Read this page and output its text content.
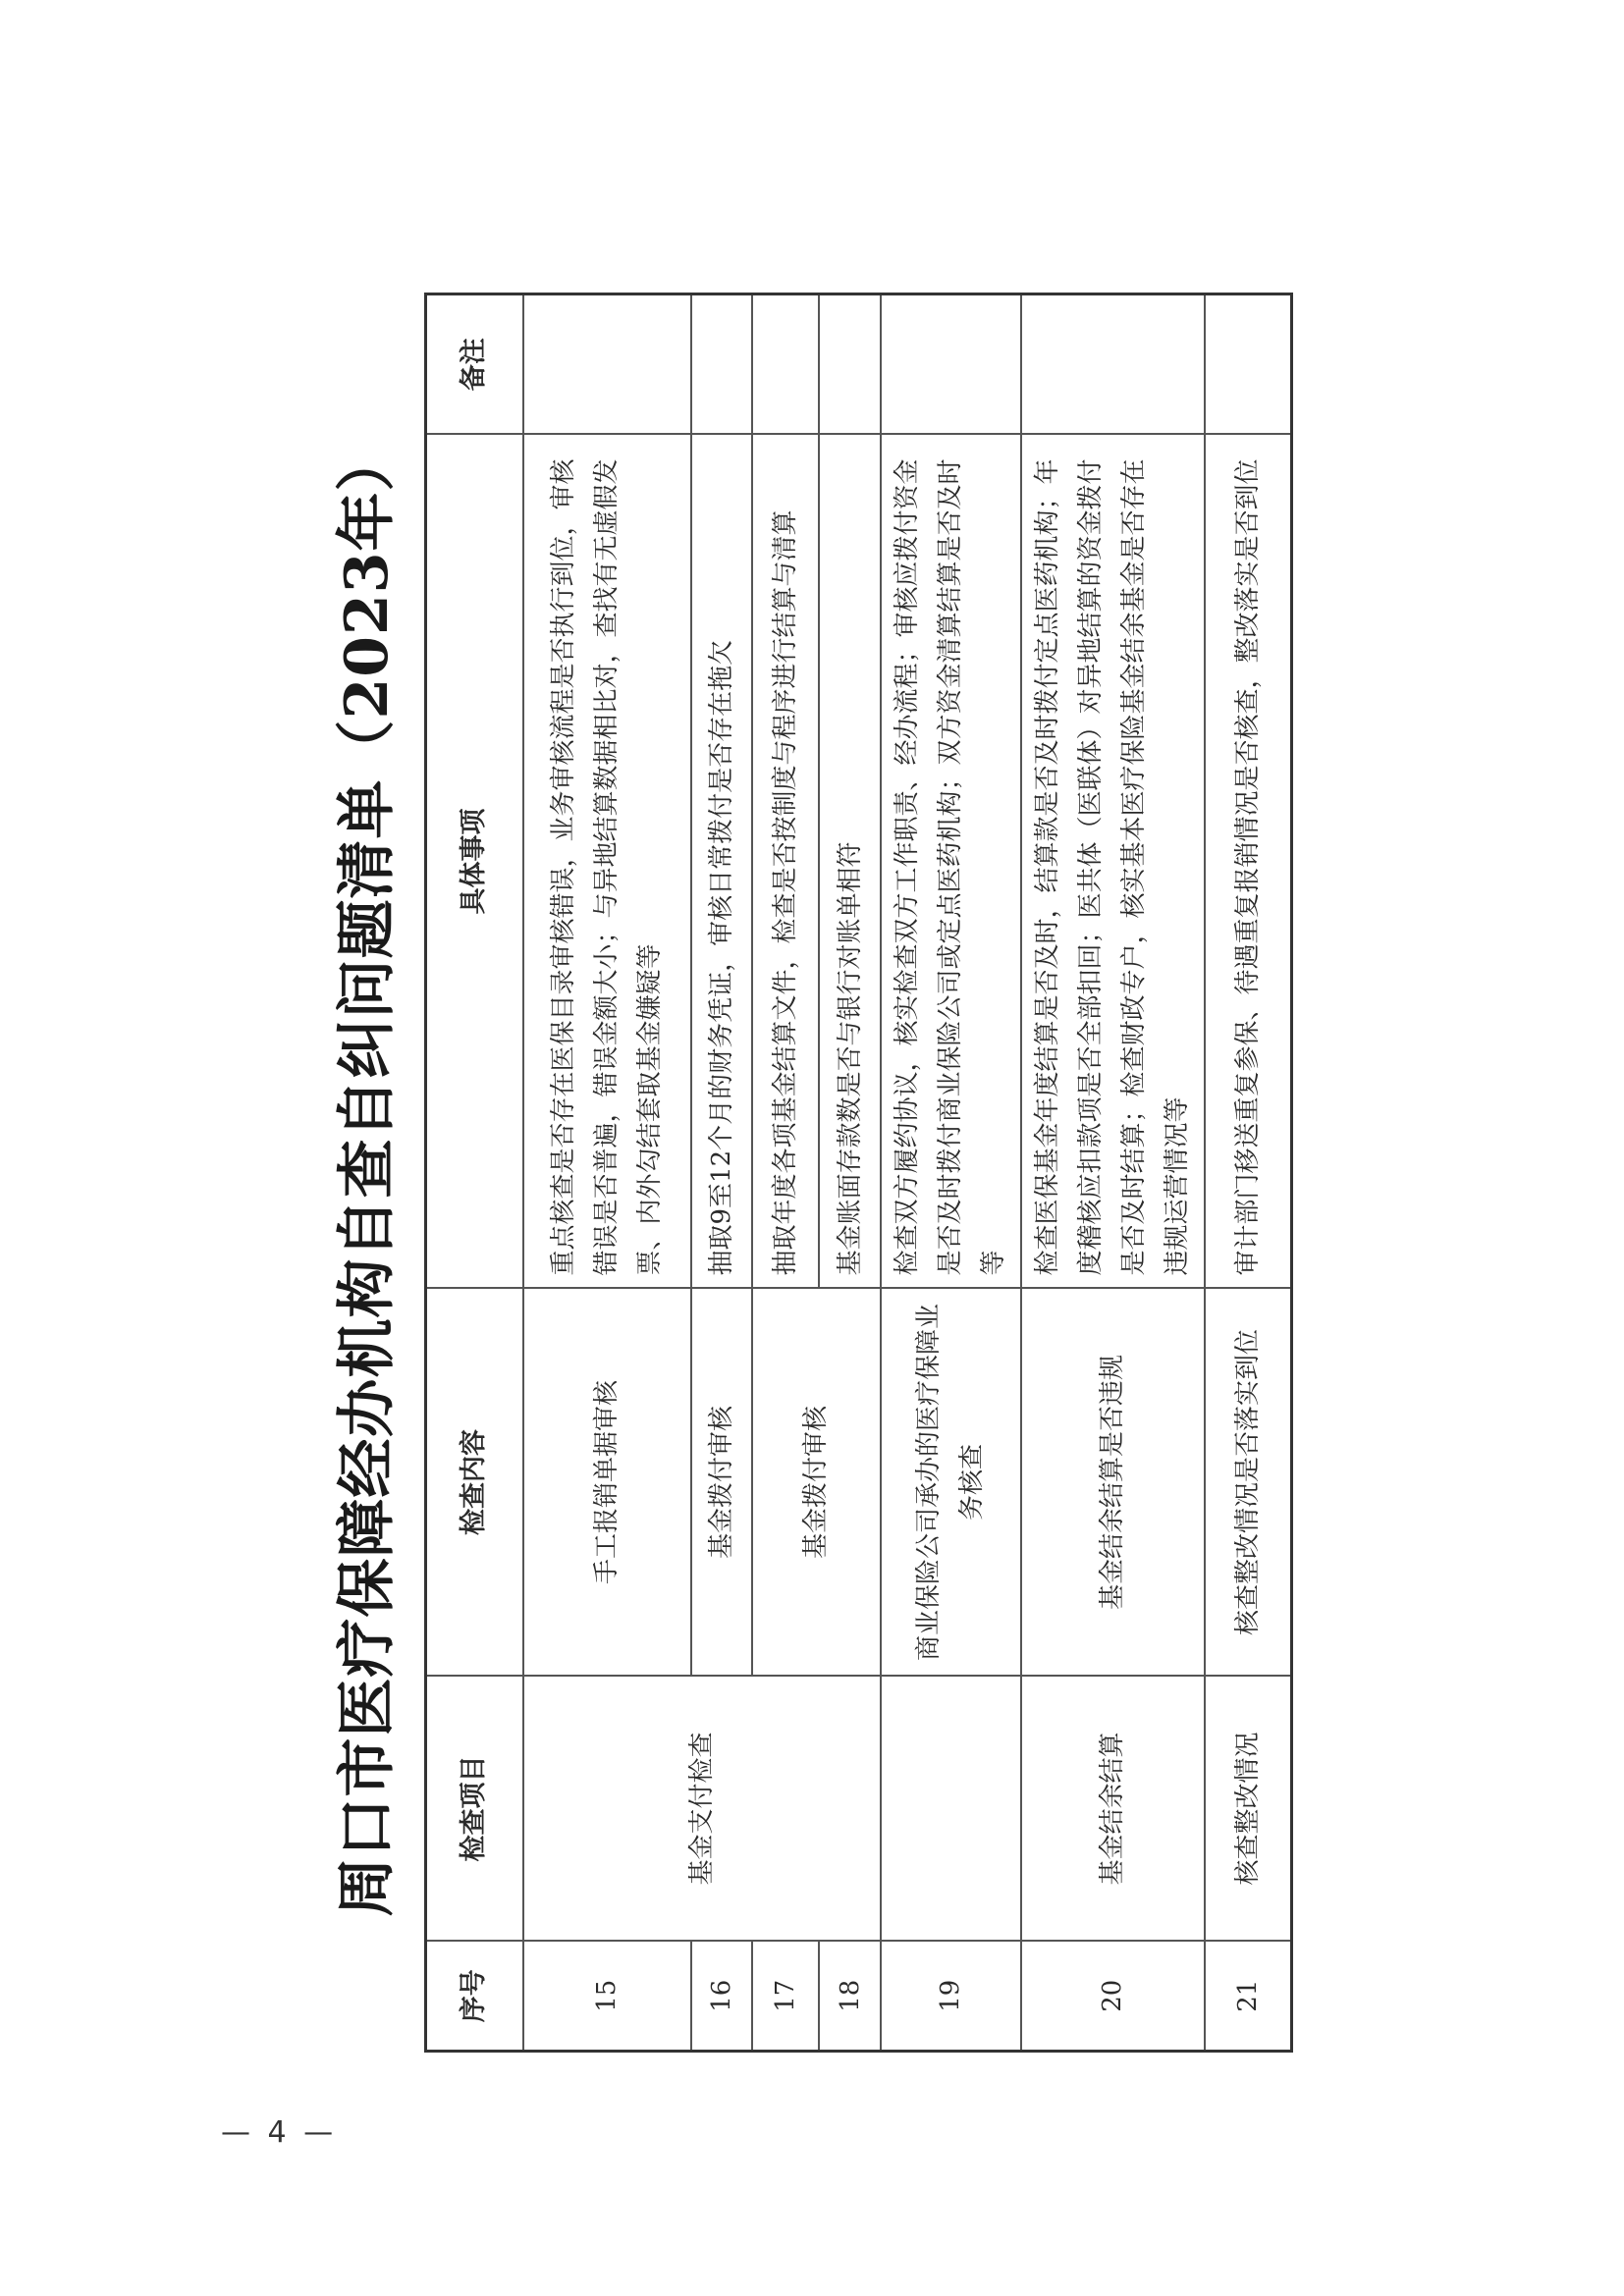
周口市医疗保障经办机构自查自纠问题清单（2023年）
序号	检查项目	检查内容	具体事项	备注
15	基金支付检查	手工报销单据审核	重点核查是否存在医保目录审核错误，业务审核流程是否执行到位，审核错误是否普遍，错误金额大小；与异地结算数据相比对，查找有无虚假发票、内外勾结套取基金嫌疑等	
16		基金拨付审核	抽取9至12个月的财务凭证，审核日常拨付是否存在拖欠	
17		基金拨付审核	抽取年度各项基金结算文件，检查是否按制度与程序进行结算与清算	
18			基金账面存款数是否与银行对账单相符	
19		商业保险公司承办的医疗保障业务核查	检查双方履约协议，核实检查双方工作职责、经办流程；审核应拨付资金是否及时拨付商业保险公司或定点医药机构；双方资金清算结算是否及时等	
20	基金结余结算	基金结余结算是否违规	检查医保基金年度结算是否及时，结算款是否及时拨付定点医药机构；年度稽核应扣款项是否全部扣回；医共体（医联体）对异地结算的资金拨付是否及时结算；检查财政专户，核实基本医疗保险基金结余基金是否存在违规运营情况等	
21	核查整改情况	核查整改情况是否落实到位	审计部门移送重复参保、待遇重复报销情况是否核查，整改落实是否到位	
— 4 —
